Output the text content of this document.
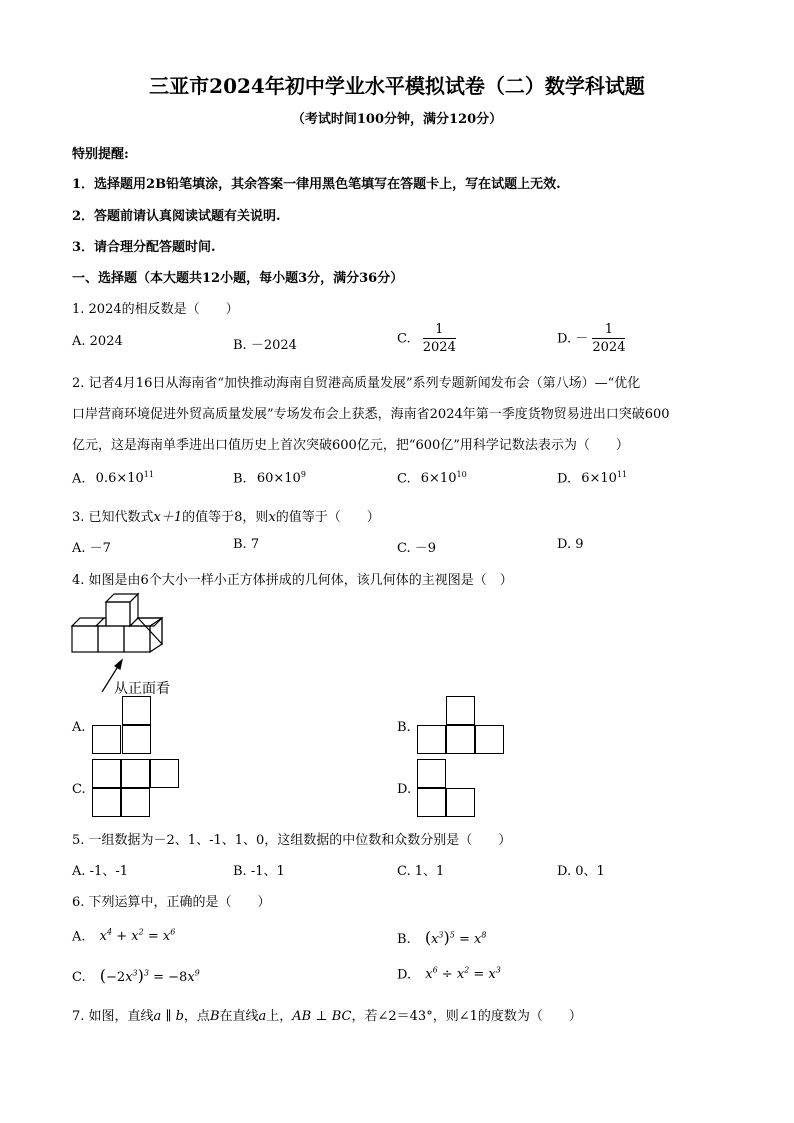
三亚市2024年初中学业水平模拟试卷（二）数学科试题
（考试时间100分钟，满分120分）
特别提醒:
1．选择题用2B铅笔填涂，其余答案一律用黑色笔填写在答题卡上，写在试题上无效.
2．答题前请认真阅读试题有关说明.
3．请合理分配答题时间.
一、选择题（本大题共12小题，每小题3分，满分36分）
1. 2024的相反数是（　　）
A. 2024	B. －2024	C. $\frac{1}{2024}$	D. － $\frac{1}{2024}$
2. 记者4月16日从海南省“加快推动海南自贸港高质量发展”系列专题新闻发布会（第八场）—“优化
口岸营商环境促进外贸高质量发展”专场发布会上获悉，海南省2024年第一季度货物贸易进出口突破600
亿元，这是海南单季进出口值历史上首次突破600亿元，把“600亿”用科学记数法表示为（　　）
A. $0.6\times 10^{11}$	B. $60\times 10^9$	C. $6\times 10^{10}$	D. $6\times 10^{11}$
3. 已知代数式x＋1的值等于8，则x的值等于（　　）
A. －7	B. 7	C. －9	D. 9
4. 如图是由6个大小一样小正方体拼成的几何体，该几何体的主视图是（　）
从正面看
A.	B.
C.	D.
5. 一组数据为－2、1、-1、1、0，这组数据的中位数和众数分别是（　　）
A. -1、-1	B. -1、1	C. 1、1	D. 0、1
6. 下列运算中，正确的是（　　）
A. $x^4 + x^2 = x^6$	B. $(x^3)^5 = x^8$
C. $(-2x^3)^3 = -8x^9$	D. $x^6 \div x^2 = x^3$
7. 如图，直线a ∥ b，点B在直线a上，AB ⊥ BC，若∠2＝43°，则∠1的度数为（　　）
